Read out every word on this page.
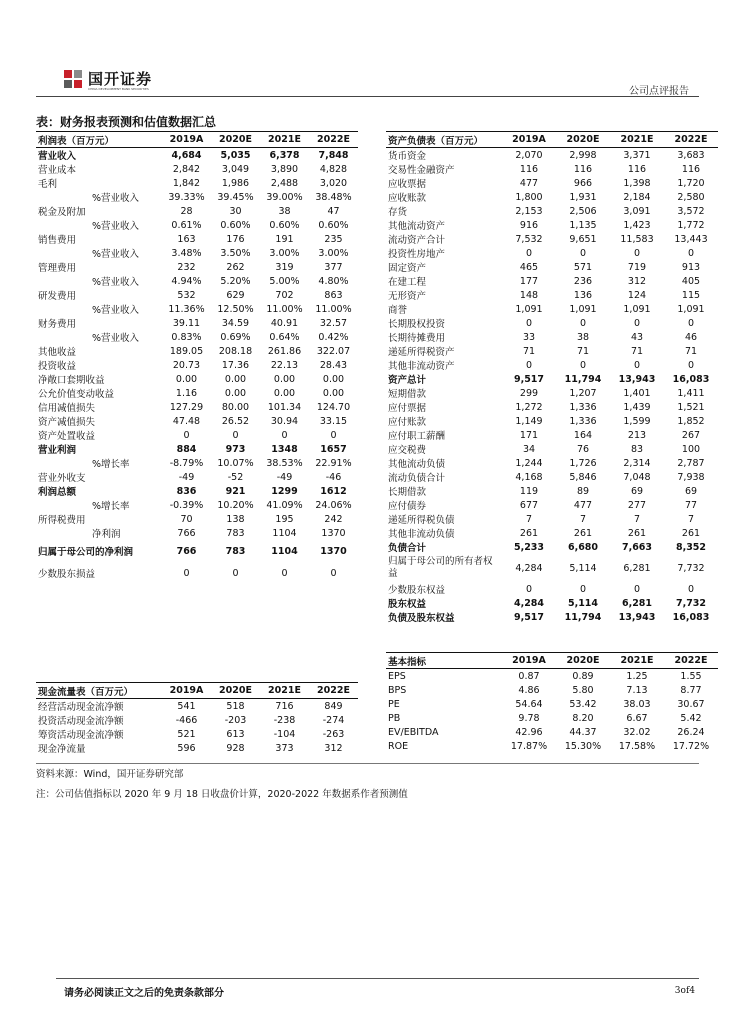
国开证券
CHINA DEVELOPMENT BANK SECURITIES	公司点评报告
表：财务报表预测和估值数据汇总
利润表（百万元）	2019A	2020E	2021E	2022E
营业收入	4,684	5,035	6,378	7,848
营业成本	2,842	3,049	3,890	4,828
毛利	1,842	1,986	2,488	3,020
%营业收入	39.33%	39.45%	39.00%	38.48%
税金及附加	28	30	38	47
%营业收入	0.61%	0.60%	0.60%	0.60%
销售费用	163	176	191	235
%营业收入	3.48%	3.50%	3.00%	3.00%
管理费用	232	262	319	377
%营业收入	4.94%	5.20%	5.00%	4.80%
研发费用	532	629	702	863
%营业收入	11.36%	12.50%	11.00%	11.00%
财务费用	39.11	34.59	40.91	32.57
%营业收入	0.83%	0.69%	0.64%	0.42%
其他收益	189.05	208.18	261.86	322.07
投资收益	20.73	17.36	22.13	28.43
净敞口套期收益	0.00	0.00	0.00	0.00
公允价值变动收益	1.16	0.00	0.00	0.00
信用减值损失	127.29	80.00	101.34	124.70
资产减值损失	47.48	26.52	30.94	33.15
资产处置收益	0	0	0	0
营业利润	884	973	1348	1657
%增长率	-8.79%	10.07%	38.53%	22.91%
营业外收支	-49	-52	-49	-46
利润总额	836	921	1299	1612
%增长率	-0.39%	10.20%	41.09%	24.06%
所得税费用	70	138	195	242
净利润	766	783	1104	1370
归属于母公司的净利润	766	783	1104	1370
少数股东损益	0	0	0	0
资产负债表（百万元）	2019A	2020E	2021E	2022E
货币资金	2,070	2,998	3,371	3,683
交易性金融资产	116	116	116	116
应收票据	477	966	1,398	1,720
应收账款	1,800	1,931	2,184	2,580
存货	2,153	2,506	3,091	3,572
其他流动资产	916	1,135	1,423	1,772
流动资产合计	7,532	9,651	11,583	13,443
投资性房地产	0	0	0	0
固定资产	465	571	719	913
在建工程	177	236	312	405
无形资产	148	136	124	115
商誉	1,091	1,091	1,091	1,091
长期股权投资	0	0	0	0
长期待摊费用	33	38	43	46
递延所得税资产	71	71	71	71
其他非流动资产	0	0	0	0
资产总计	9,517	11,794	13,943	16,083
短期借款	299	1,207	1,401	1,411
应付票据	1,272	1,336	1,439	1,521
应付账款	1,149	1,336	1,599	1,852
应付职工薪酬	171	164	213	267
应交税费	34	76	83	100
其他流动负债	1,244	1,726	2,314	2,787
流动负债合计	4,168	5,846	7,048	7,938
长期借款	119	89	69	69
应付债券	677	477	277	77
递延所得税负债	7	7	7	7
其他非流动负债	261	261	261	261
负债合计	5,233	6,680	7,663	8,352
归属于母公司的所有者权益	4,284	5,114	6,281	7,732
少数股东权益	0	0	0	0
股东权益	4,284	5,114	6,281	7,732
负债及股东权益	9,517	11,794	13,943	16,083
基本指标	2019A	2020E	2021E	2022E
EPS	0.87	0.89	1.25	1.55
BPS	4.86	5.80	7.13	8.77
PE	54.64	53.42	38.03	30.67
PB	9.78	8.20	6.67	5.42
EV/EBITDA	42.96	44.37	32.02	26.24
ROE	17.87%	15.30%	17.58%	17.72%
现金流量表（百万元）	2019A	2020E	2021E	2022E
经营活动现金流净额	541	518	716	849
投资活动现金流净额	-466	-203	-238	-274
筹资活动现金流净额	521	613	-104	-263
现金净流量	596	928	373	312
资料来源：Wind，国开证券研究部
注：公司估值指标以 2020 年 9 月 18 日收盘价计算，2020-2022 年数据系作者预测值
请务必阅读正文之后的免责条款部分	3of4
